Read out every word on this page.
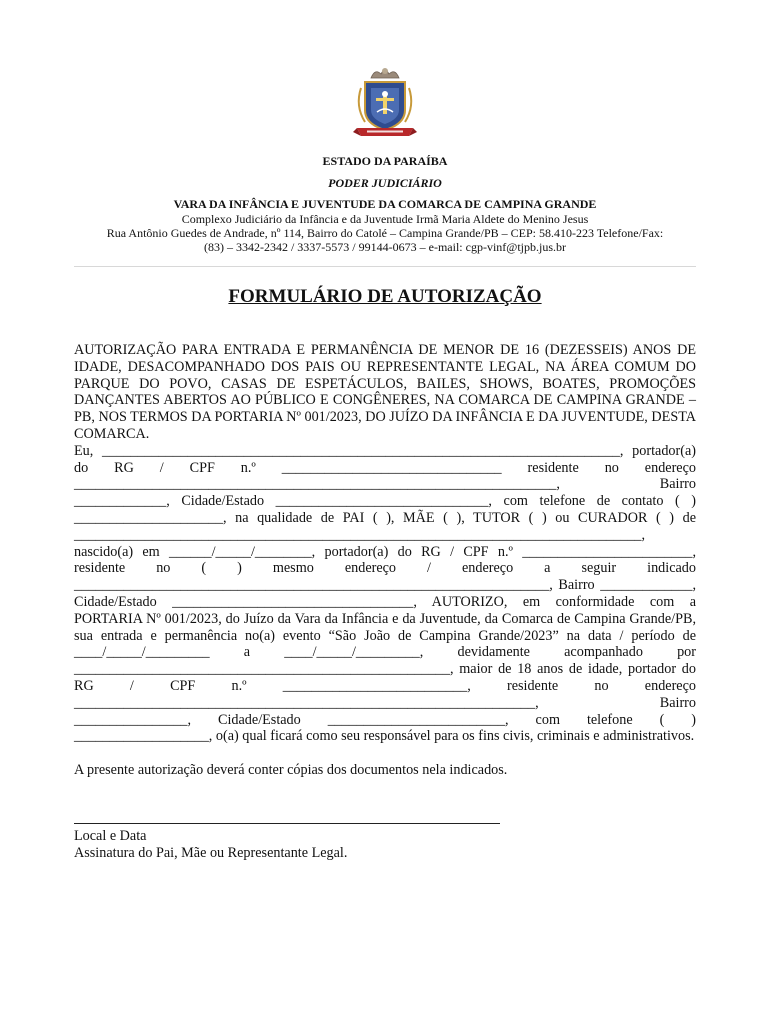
ESTADO DA PARAÍBA
PODER JUDICIÁRIO
VARA DA INFÂNCIA E JUVENTUDE DA COMARCA DE CAMPINA GRANDE
Complexo Judiciário da Infância e da Juventude Irmã Maria Aldete do Menino Jesus
Rua Antônio Guedes de Andrade, nº 114, Bairro do Catolé – Campina Grande/PB – CEP: 58.410-223 Telefone/Fax:
(83) – 3342-2342 / 3337-5573 / 99144-0673 – e-mail: cgp-vinf@tjpb.jus.br
FORMULÁRIO DE AUTORIZAÇÃO

AUTORIZAÇÃO PARA ENTRADA E PERMANÊNCIA DE MENOR DE 16 (DEZESSEIS) ANOS DE IDADE, DESACOMPANHADO DOS PAIS OU REPRESENTANTE LEGAL, NA ÁREA COMUM DO PARQUE DO POVO, CASAS DE ESPETÁCULOS, BAILES, SHOWS, BOATES, PROMOÇÕES DANÇANTES ABERTOS AO PÚBLICO E CONGÊNERES, NA COMARCA DE CAMPINA GRANDE – PB, NOS TERMOS DA PORTARIA Nº 001/2023, DO JUÍZO DA INFÂNCIA E DA JUVENTUDE, DESTA COMARCA.

Eu, _________________________________________________________________________, portador(a) do RG / CPF n.º _______________________________ residente no endereço ____________________________________________________________________, Bairro _____________, Cidade/Estado ______________________________, com telefone de contato ( ) _____________________, na qualidade de PAI ( ), MÃE ( ), TUTOR ( ) ou CURADOR ( ) de ________________________________________________________________________________, nascido(a) em ______/_____/________, portador(a) do RG / CPF n.º ________________________, residente no ( ) mesmo endereço / endereço a seguir indicado ___________________________________________________________________, Bairro _____________, Cidade/Estado __________________________________, AUTORIZO, em conformidade com a PORTARIA Nº 001/2023, do Juízo da Vara da Infância e da Juventude, da Comarca de Campina Grande/PB, sua entrada e permanência no(a) evento “São João de Campina Grande/2023” na data / período de ____/_____/_________ a ____/_____/_________, devidamente acompanhado por _____________________________________________________, maior de 18 anos de idade, portador do RG / CPF n.º __________________________, residente no endereço _________________________________________________________________, Bairro ________________, Cidade/Estado _________________________, com telefone ( ) ___________________, o(a) qual ficará como seu responsável para os fins civis, criminais e administrativos.

A presente autorização deverá conter cópias dos documentos nela indicados.

Local e Data
Assinatura do Pai, Mãe ou Representante Legal.
